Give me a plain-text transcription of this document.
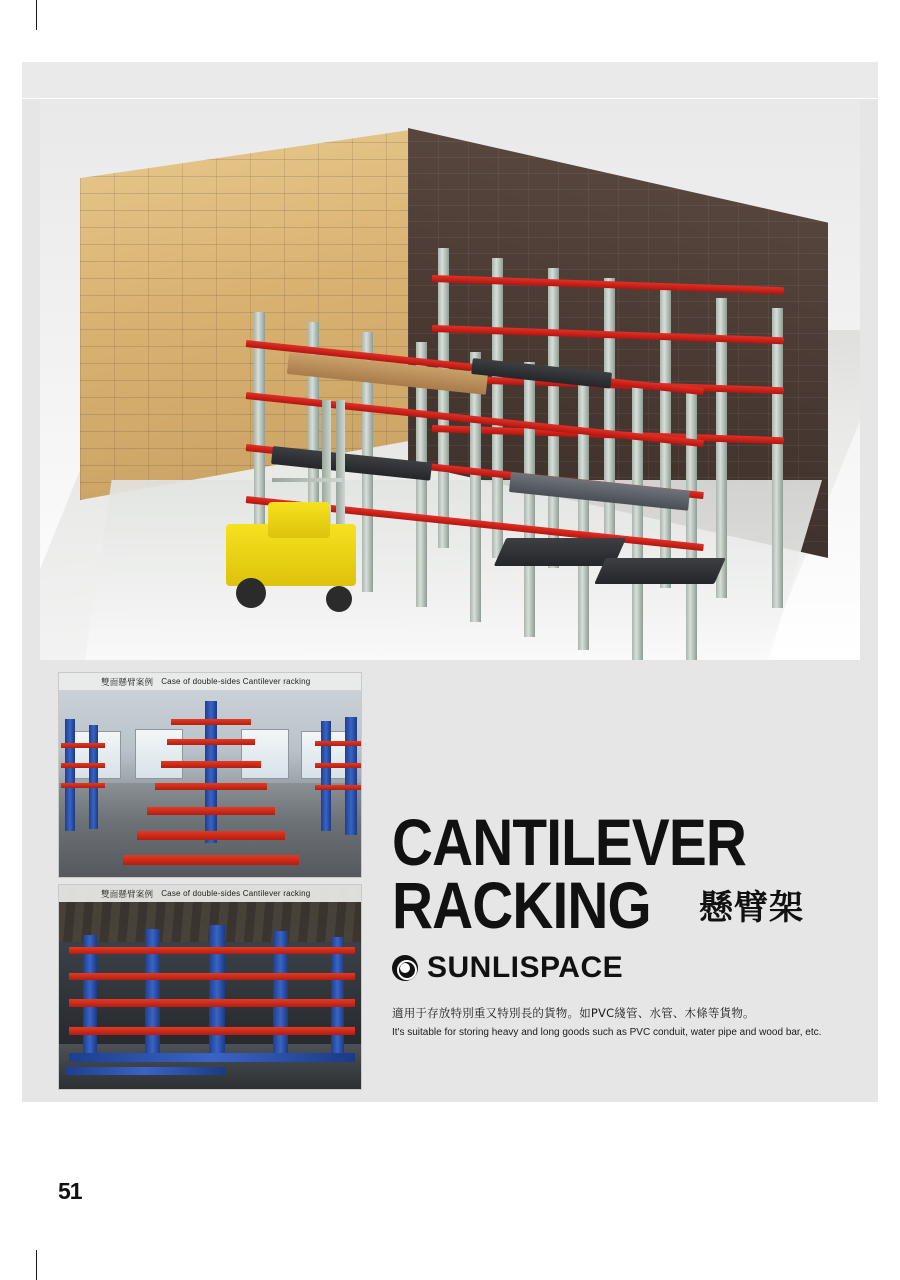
雙面懸臂案例 Case of double-sides Cantilever racking
雙面懸臂案例 Case of double-sides Cantilever racking
CANTILEVER
RACKING 懸臂架
SUNLISPACE
適用于存放特別重又特別長的貨物。如PVC綫管、水管、木條等貨物。
It's suitable for storing heavy and long goods such as PVC conduit, water pipe and wood bar, etc.
51
